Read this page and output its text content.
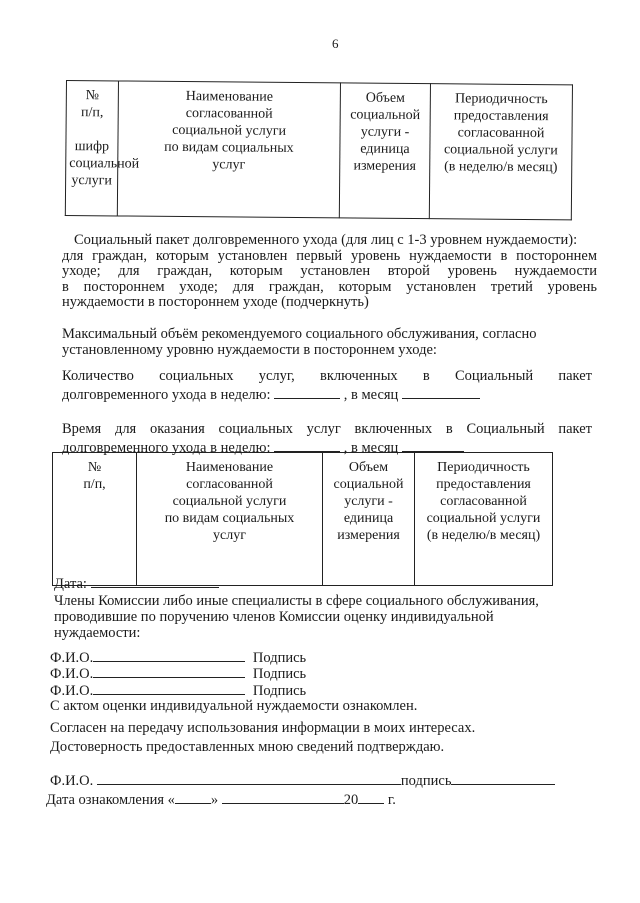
6
№
п/п,

шифр
социальной
услуги	Наименование
согласованной
социальной услуги
по видам социальных
услуг	Объем
социальной
услуги -
единица
измерения	Периодичность
предоставления
согласованной
социальной услуги
(в неделю/в месяц)
Социальный пакет долговременного ухода (для лиц с 1-3 уровнем нуждаемости):
для граждан, которым установлен первый уровень нуждаемости в постороннем
уходе; для граждан, которым установлен второй уровень нуждаемости
в постороннем уходе; для граждан, которым установлен третий уровень
нуждаемости в постороннем уходе (подчеркнуть)
Максимальный объём рекомендуемого социального обслуживания, согласно
установленному уровню нуждаемости в постороннем уходе:
Количество социальных услуг, включенных в Социальный пакет
долговременного ухода в неделю:	, в месяц
Время для оказания социальных услуг включенных в Социальный пакет
долговременного ухода в неделю:	, в месяц
№
п/п,	Наименование
согласованной
социальной услуги
по видам социальных
услуг	Объем
социальной
услуги -
единица
измерения	Периодичность
предоставления
согласованной
социальной услуги
(в неделю/в месяц)
Дата:
Члены Комиссии либо иные специалисты в сфере социального обслуживания,
проводившие по поручению членов Комиссии оценку индивидуальной
нуждаемости:
Ф.И.О.	Подпись
Ф.И.О.	Подпись
Ф.И.О.	Подпись
С актом оценки индивидуальной нуждаемости ознакомлен.
Согласен на передачу использования информации в моих интересах.
Достоверность предоставленных мною сведений подтверждаю.
Ф.И.О.	подпись
Дата ознакомления « »	20 г.
